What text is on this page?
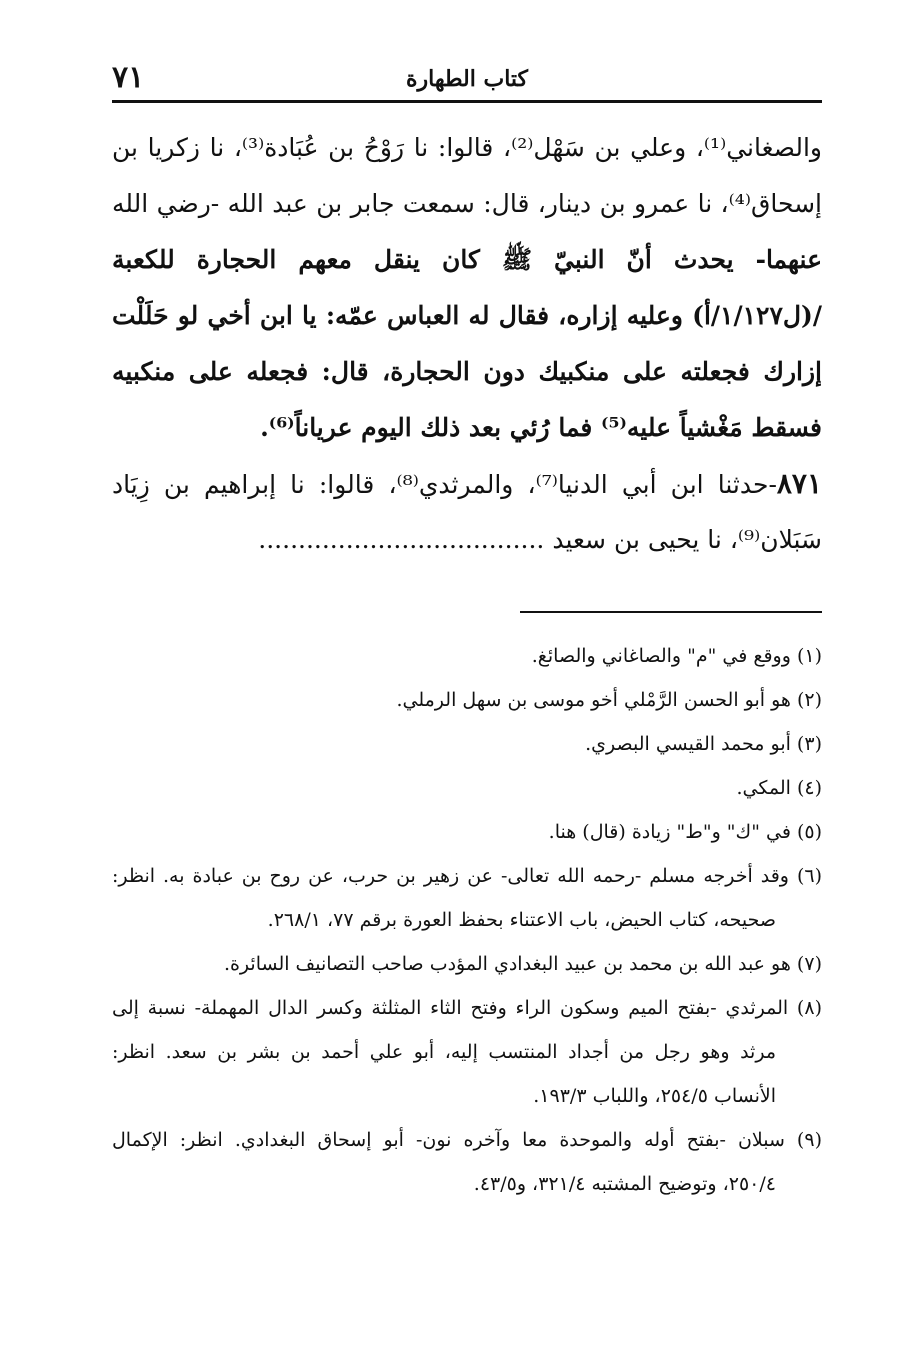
٧١	كتاب الطهارة
والصغاني⁽¹⁾، وعلي بن سَهْل⁽²⁾، قالوا: نا رَوْحُ بن عُبَادة⁽³⁾، نا زكريا بن
إسحاق⁽⁴⁾، نا عمرو بن دينار، قال: سمعت جابر بن عبد الله -رضي الله
عنهما- يحدث أنّ النبيّ ﷺ كان ينقل معهم الحجارة للكعبة
/(ل١/١٢٧/أ) وعليه إزاره، فقال له العباس عمّه: يا ابن أخي لو حَلَلْت
إزارك فجعلته على منكبيك دون الحجارة، قال: فجعله على منكبيه
فسقط مَغْشياً عليه⁽⁵⁾ فما رُئي بعد ذلك اليوم عرياناً⁽⁶⁾.
٨٧١-حدثنا ابن أبي الدنيا⁽⁷⁾، والمرثدي⁽⁸⁾، قالوا: نا إبراهيم بن زِيَاد
سَبَلان⁽⁹⁾، نا يحيى بن سعيد ....................................
(١) ووقع في "م" والصاغاني والصائغ.
(٢) هو أبو الحسن الرَّمْلي أخو موسى بن سهل الرملي.
(٣) أبو محمد القيسي البصري.
(٤) المكي.
(٥) في "ك" و"ط" زيادة (قال) هنا.
(٦) وقد أخرجه مسلم -رحمه الله تعالى- عن زهير بن حرب، عن روح بن عبادة به. انظر:
صحيحه، كتاب الحيض، باب الاعتناء بحفظ العورة برقم ٧٧، ٢٦٨/١.
(٧) هو عبد الله بن محمد بن عبيد البغدادي المؤدب صاحب التصانيف السائرة.
(٨) المرثدي -بفتح الميم وسكون الراء وفتح الثاء المثلثة وكسر الدال المهملة- نسبة إلى
مرثد وهو رجل من أجداد المنتسب إليه، أبو علي أحمد بن بشر بن سعد. انظر:
الأنساب ٢٥٤/٥، واللباب ١٩٣/٣.
(٩) سبلان -بفتح أوله والموحدة معا وآخره نون- أبو إسحاق البغدادي. انظر: الإكمال
٢٥٠/٤، وتوضيح المشتبه ٣٢١/٤، و٤٣/٥.
